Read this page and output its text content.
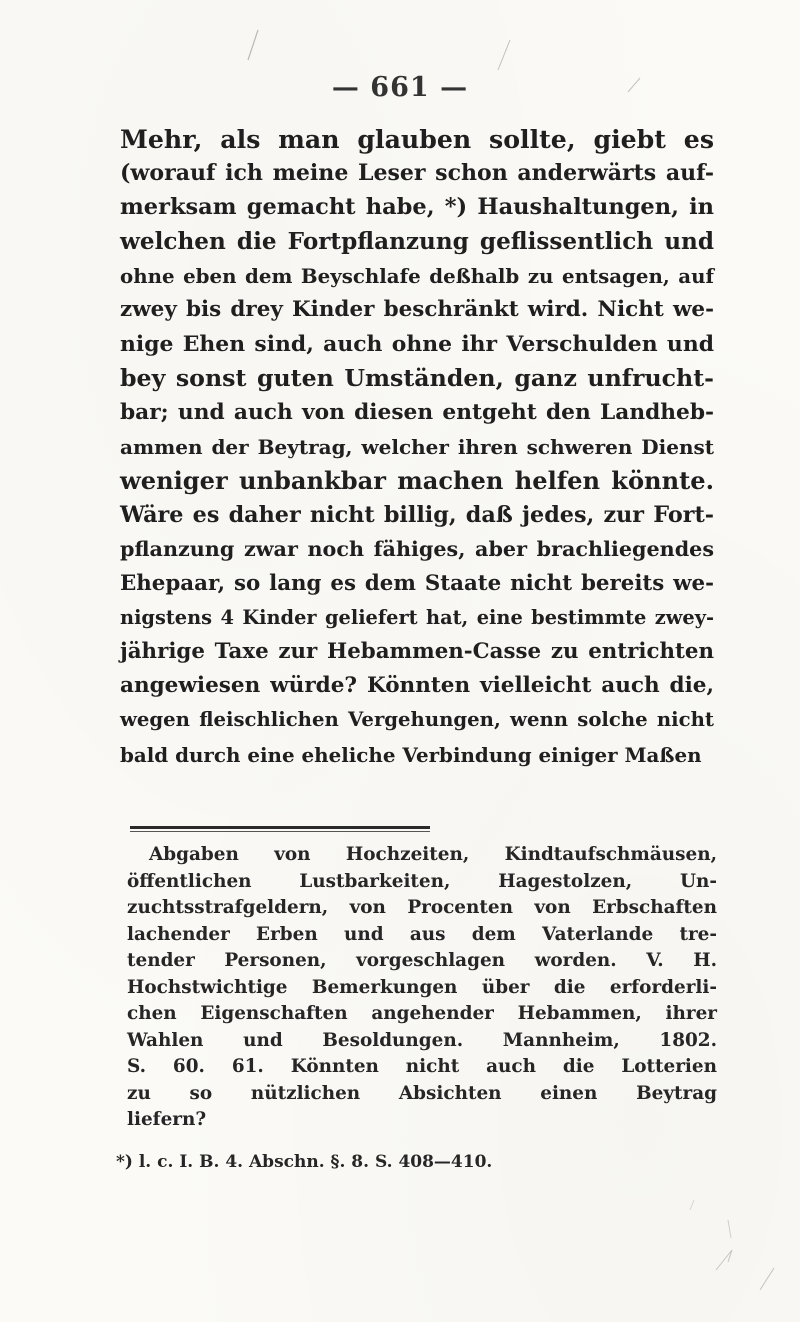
— 661 —
Mehr, als man glauben sollte, giebt es
(worauf ich meine Leser schon anderwärts auf-
merksam gemacht habe, *) Haushaltungen, in
welchen die Fortpflanzung geflissentlich und
ohne eben dem Beyschlafe deßhalb zu entsagen, auf
zwey bis drey Kinder beschränkt wird. Nicht we-
nige Ehen sind, auch ohne ihr Verschulden und
bey sonst guten Umständen, ganz unfrucht-
bar; und auch von diesen entgeht den Landheb-
ammen der Beytrag, welcher ihren schweren Dienst
weniger unbankbar machen helfen könnte.
Wäre es daher nicht billig, daß jedes, zur Fort-
pflanzung zwar noch fähiges, aber brachliegendes
Ehepaar, so lang es dem Staate nicht bereits we-
nigstens 4 Kinder geliefert hat, eine bestimmte zwey-
jährige Taxe zur Hebammen-Casse zu entrichten
angewiesen würde? Könnten vielleicht auch die,
wegen fleischlichen Vergehungen, wenn solche nicht
bald durch eine eheliche Verbindung einiger Maßen
Abgaben von Hochzeiten, Kindtaufschmäusen,
öffentlichen Lustbarkeiten, Hagestolzen, Un-
zuchtsstrafgeldern, von Procenten von Erbschaften
lachender Erben und aus dem Vaterlande tre-
tender Personen, vorgeschlagen worden. V. H.
Hochstwichtige Bemerkungen über die erforderli-
chen Eigenschaften angehender Hebammen, ihrer
Wahlen und Besoldungen. Mannheim, 1802.
S. 60. 61. Könnten nicht auch die Lotterien
zu so nützlichen Absichten einen Beytrag
liefern?
*) l. c. I. B. 4. Abschn. §. 8. S. 408—410.
